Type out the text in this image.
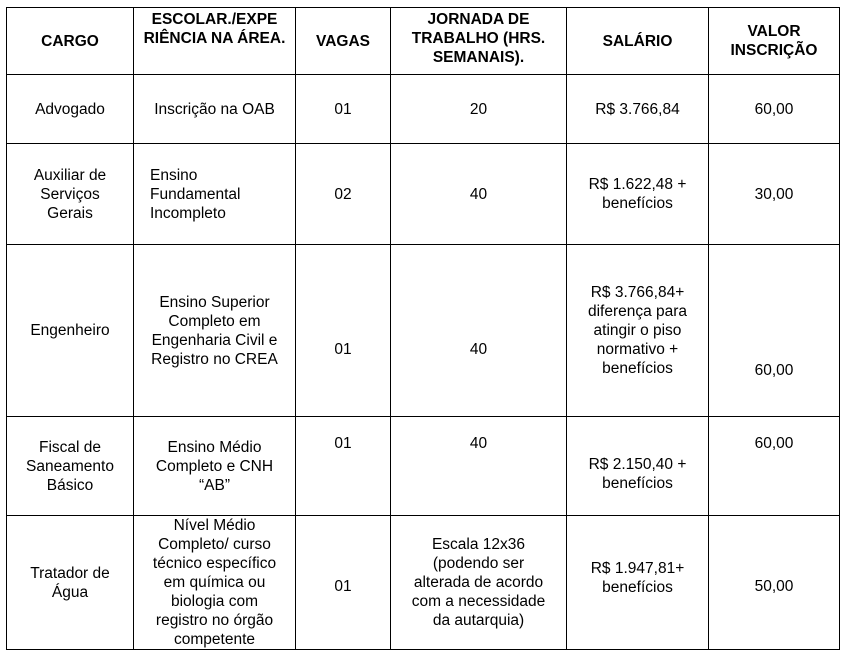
CARGO	ESCOLAR./EXPE RIÊNCIA NA ÁREA.	VAGAS	JORNADA DE TRABALHO (HRS. SEMANAIS).	SALÁRIO	VALOR INSCRIÇÃO
Advogado	Inscrição na OAB	01	20	R$ 3.766,84	60,00
Auxiliar de Serviços Gerais	Ensino Fundamental Incompleto	02	40	R$ 1.622,48 + benefícios	30,00
Engenheiro	Ensino Superior Completo em Engenharia Civil e Registro no CREA	01	40	R$ 3.766,84+ diferença para atingir o piso normativo + benefícios	60,00
Fiscal de Saneamento Básico	Ensino Médio Completo e CNH “AB”	01	40	R$ 2.150,40 + benefícios	60,00
Tratador de Água	Nível Médio Completo/ curso técnico específico em química ou biologia com registro no órgão competente	01	Escala 12x36 (podendo ser alterada de acordo com a necessidade da autarquia)	R$ 1.947,81+ benefícios	50,00
